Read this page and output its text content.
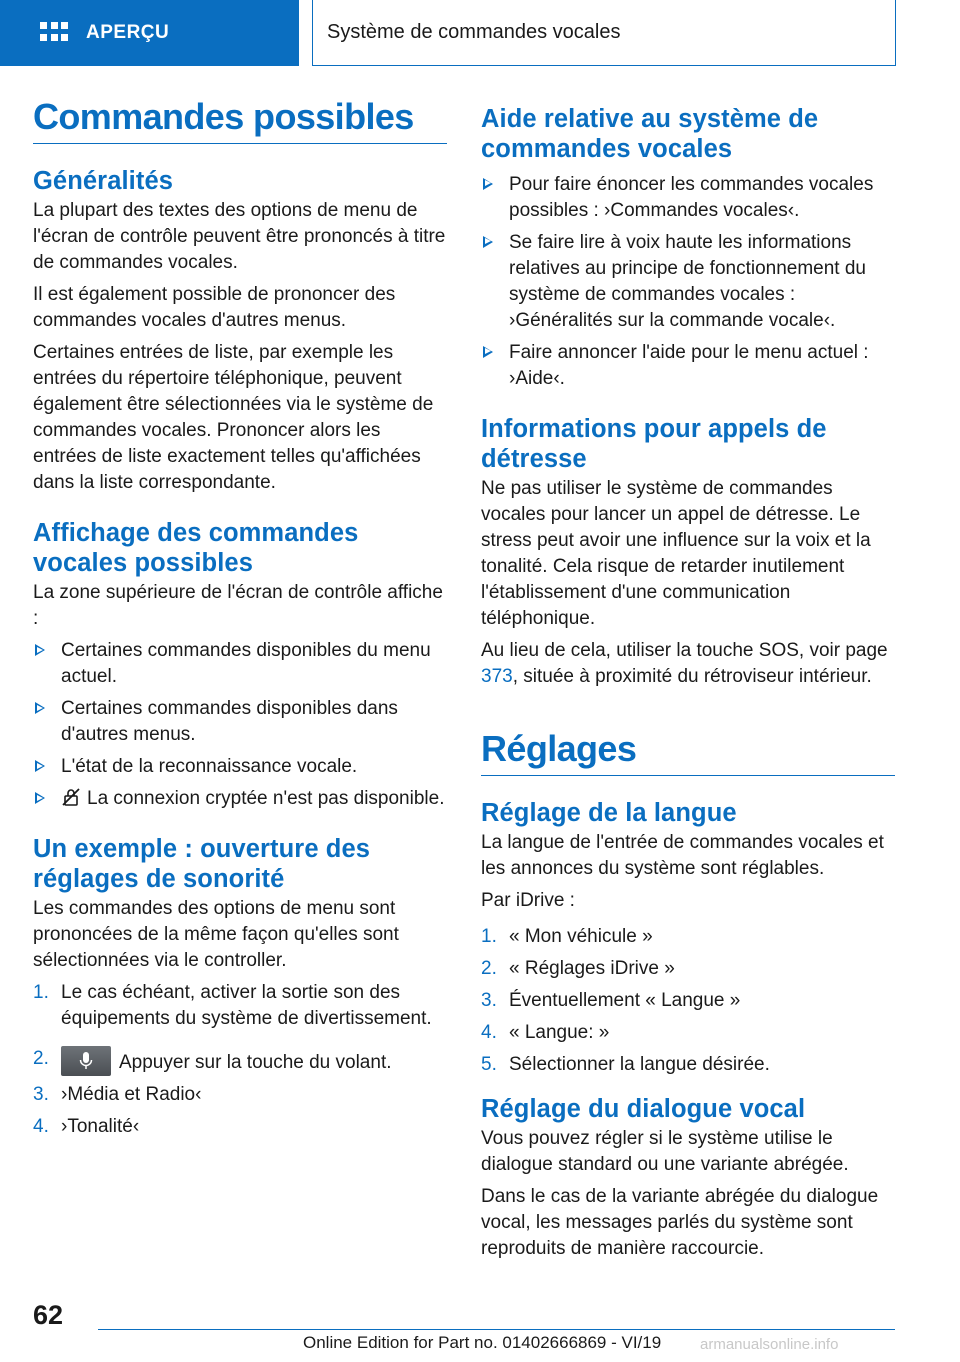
APERÇU	Système de commandes vocales
Commandes possibles
Généralités

La plupart des textes des options de menu de l'écran de contrôle peuvent être prononcés à titre de commandes vocales.

Il est également possible de prononcer des commandes vocales d'autres menus.

Certaines entrées de liste, par exemple les entrées du répertoire téléphonique, peuvent également être sélectionnées via le système de commandes vocales. Prononcer alors les entrées de liste exactement telles qu'affichées dans la liste correspondante.

Affichage des commandes vocales possibles

La zone supérieure de l'écran de contrôle affiche :

Certaines commandes disponibles du menu actuel.
Certaines commandes disponibles dans d'autres menus.
L'état de la reconnaissance vocale.
La connexion cryptée n'est pas disponible.
Un exemple : ouverture des réglages de sonorité

Les commandes des options de menu sont prononcées de la même façon qu'elles sont sélectionnées via le controller.

1. Le cas échéant, activer la sortie son des équipements du système de divertissement.
2.	Appuyer sur la touche du volant.
3. ›Média et Radio‹
4. ›Tonalité‹
Aide relative au système de commandes vocales
Pour faire énoncer les commandes vocales possibles : ›Commandes vocales‹.
Se faire lire à voix haute les informations relatives au principe de fonctionnement du système de commandes vocales : ›Généralités sur la commande vocale‹.
Faire annoncer l'aide pour le menu actuel : ›Aide‹.
Informations pour appels de détresse

Ne pas utiliser le système de commandes vocales pour lancer un appel de détresse. Le stress peut avoir une influence sur la voix et la tonalité. Cela risque de retarder inutilement l'établissement d'une communication téléphonique.

Au lieu de cela, utiliser la touche SOS, voir page 373, située à proximité du rétroviseur intérieur.

Réglages
Réglage de la langue

La langue de l'entrée de commandes vocales et les annonces du système sont réglables.

Par iDrive :

1. « Mon véhicule »
2. « Réglages iDrive »
3. Éventuellement « Langue »
4. « Langue: »
5. Sélectionner la langue désirée.
Réglage du dialogue vocal

Vous pouvez régler si le système utilise le dialogue standard ou une variante abrégée.

Dans le cas de la variante abrégée du dialogue vocal, les messages parlés du système sont reproduits de manière raccourcie.

62
Online Edition for Part no. 01402666869 - VI/19	armanualsonline.info
